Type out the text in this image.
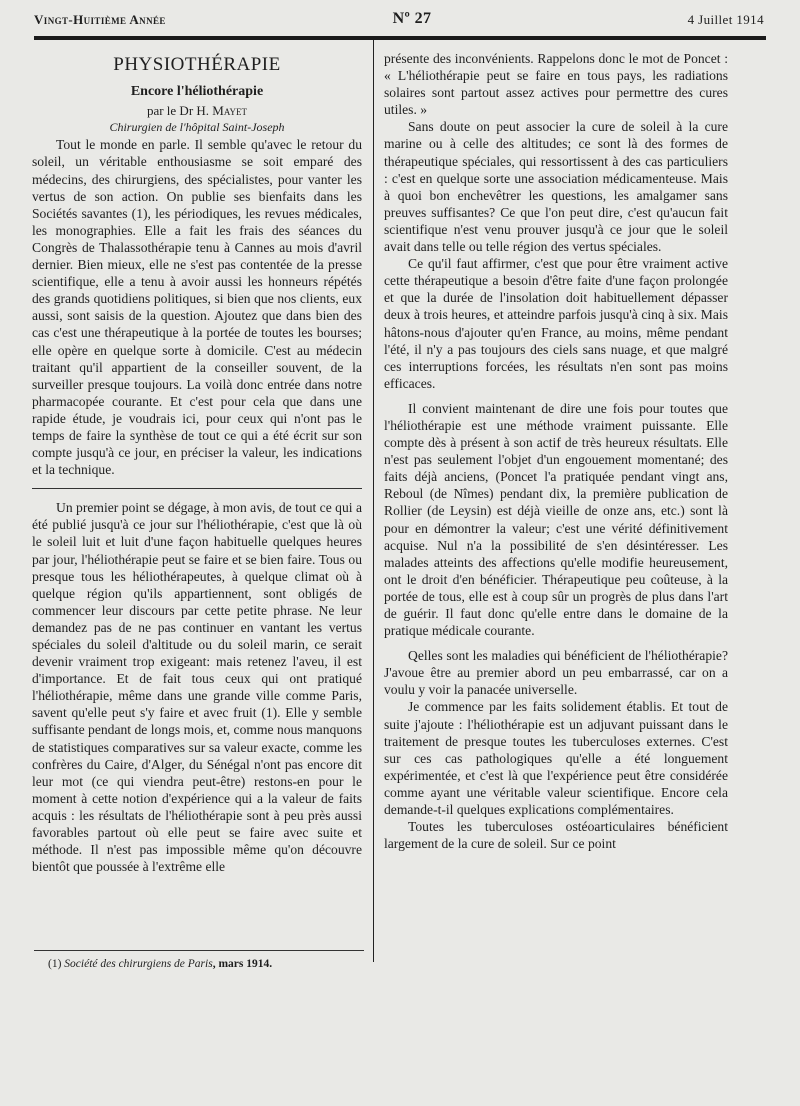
Vingt-Huitième Année	Nº 27	4 Juillet 1914
PHYSIOTHÉRAPIE
Encore l'héliothérapie

par le Dr H. Mayet

Chirurgien de l'hôpital Saint-Joseph

Tout le monde en parle. Il semble qu'avec le retour du soleil, un véritable enthousiasme se soit emparé des médecins, des chirurgiens, des spécialistes, pour vanter les vertus de son action. On publie ses bienfaits dans les Sociétés savantes (1), les périodiques, les revues médicales, les monographies. Elle a fait les frais des séances du Congrès de Thalassothérapie tenu à Cannes au mois d'avril dernier. Bien mieux, elle ne s'est pas contentée de la presse scientifique, elle a tenu à avoir aussi les honneurs répétés des grands quotidiens politiques, si bien que nos clients, eux aussi, sont saisis de la question. Ajoutez que dans bien des cas c'est une thérapeutique à la portée de toutes les bourses; elle opère en quelque sorte à domicile. C'est au médecin traitant qu'il appartient de la conseiller souvent, de la surveiller presque toujours. La voilà donc entrée dans notre pharmacopée courante. Et c'est pour cela que dans une rapide étude, je voudrais ici, pour ceux qui n'ont pas le temps de faire la synthèse de tout ce qui a été écrit sur son compte jusqu'à ce jour, en préciser la valeur, les indications et la technique.

Un premier point se dégage, à mon avis, de tout ce qui a été publié jusqu'à ce jour sur l'héliothérapie, c'est que là où le soleil luit et luit d'une façon habituelle quelques heures par jour, l'héliothérapie peut se faire et se bien faire. Tous ou presque tous les héliothérapeutes, à quelque climat où à quelque région qu'ils appartiennent, sont obligés de commencer leur discours par cette petite phrase. Ne leur demandez pas de ne pas continuer en vantant les vertus spéciales du soleil d'altitude ou du soleil marin, ce serait devenir vraiment trop exigeant: mais retenez l'aveu, il est d'importance. Et de fait tous ceux qui ont pratiqué l'héliothérapie, même dans une grande ville comme Paris, savent qu'elle peut s'y faire et avec fruit (1). Elle y semble suffisante pendant de longs mois, et, comme nous manquons de statistiques comparatives sur sa valeur exacte, comme les confrères du Caire, d'Alger, du Sénégal n'ont pas encore dit leur mot (ce qui viendra peut-être) restons-en pour le moment à cette notion d'expérience qui a la valeur de faits acquis : les résultats de l'héliothérapie sont à peu près aussi favorables partout où elle peut se faire avec suite et méthode. Il n'est pas impossible même qu'on découvre bientôt que poussée à l'extrême elle

présente des inconvénients. Rappelons donc le mot de Poncet : « L'héliothérapie peut se faire en tous pays, les radiations solaires sont partout assez actives pour permettre des cures utiles. »

Sans doute on peut associer la cure de soleil à la cure marine ou à celle des altitudes; ce sont là des formes de thérapeutique spéciales, qui ressortissent à des cas particuliers : c'est en quelque sorte une association médicamenteuse. Mais à quoi bon enchevêtrer les questions, les amalgamer sans preuves suffisantes? Ce que l'on peut dire, c'est qu'aucun fait scientifique n'est venu prouver jusqu'à ce jour que le soleil avait dans telle ou telle région des vertus spéciales.

Ce qu'il faut affirmer, c'est que pour être vraiment active cette thérapeutique a besoin d'être faite d'une façon prolongée et que la durée de l'insolation doit habituellement dépasser deux à trois heures, et atteindre parfois jusqu'à cinq à six. Mais hâtons-nous d'ajouter qu'en France, au moins, même pendant l'été, il n'y a pas toujours des ciels sans nuage, et que malgré ces interruptions forcées, les résultats n'en sont pas moins efficaces.

Il convient maintenant de dire une fois pour toutes que l'héliothérapie est une méthode vraiment puissante. Elle compte dès à présent à son actif de très heureux résultats. Elle n'est pas seulement l'objet d'un engouement momentané; des faits déjà anciens, (Poncet l'a pratiquée pendant vingt ans, Reboul (de Nîmes) pendant dix, la première publication de Rollier (de Leysin) est déjà vieille de onze ans, etc.) sont là pour en démontrer la valeur; c'est une vérité définitivement acquise. Nul n'a la possibilité de s'en désintéresser. Les malades atteints des affections qu'elle modifie heureusement, ont le droit d'en bénéficier. Thérapeutique peu coûteuse, à la portée de tous, elle est à coup sûr un progrès de plus dans l'art de guérir. Il faut donc qu'elle entre dans le domaine de la pratique médicale courante.

Qelles sont les maladies qui bénéficient de l'héliothérapie? J'avoue être au premier abord un peu embarrassé, car on a voulu y voir la panacée universelle.

Je commence par les faits solidement établis. Et tout de suite j'ajoute : l'héliothérapie est un adjuvant puissant dans le traitement de presque toutes les tuberculoses externes. C'est sur ces cas pathologiques qu'elle a été longuement expérimentée, et c'est là que l'expérience peut être considérée comme ayant une véritable valeur scientifique. Encore cela demande-t-il quelques explications complémentaires.

Toutes les tuberculoses ostéoarticulaires bénéficient largement de la cure de soleil. Sur ce point

(1) Société des chirurgiens de Paris, mars 1914.
